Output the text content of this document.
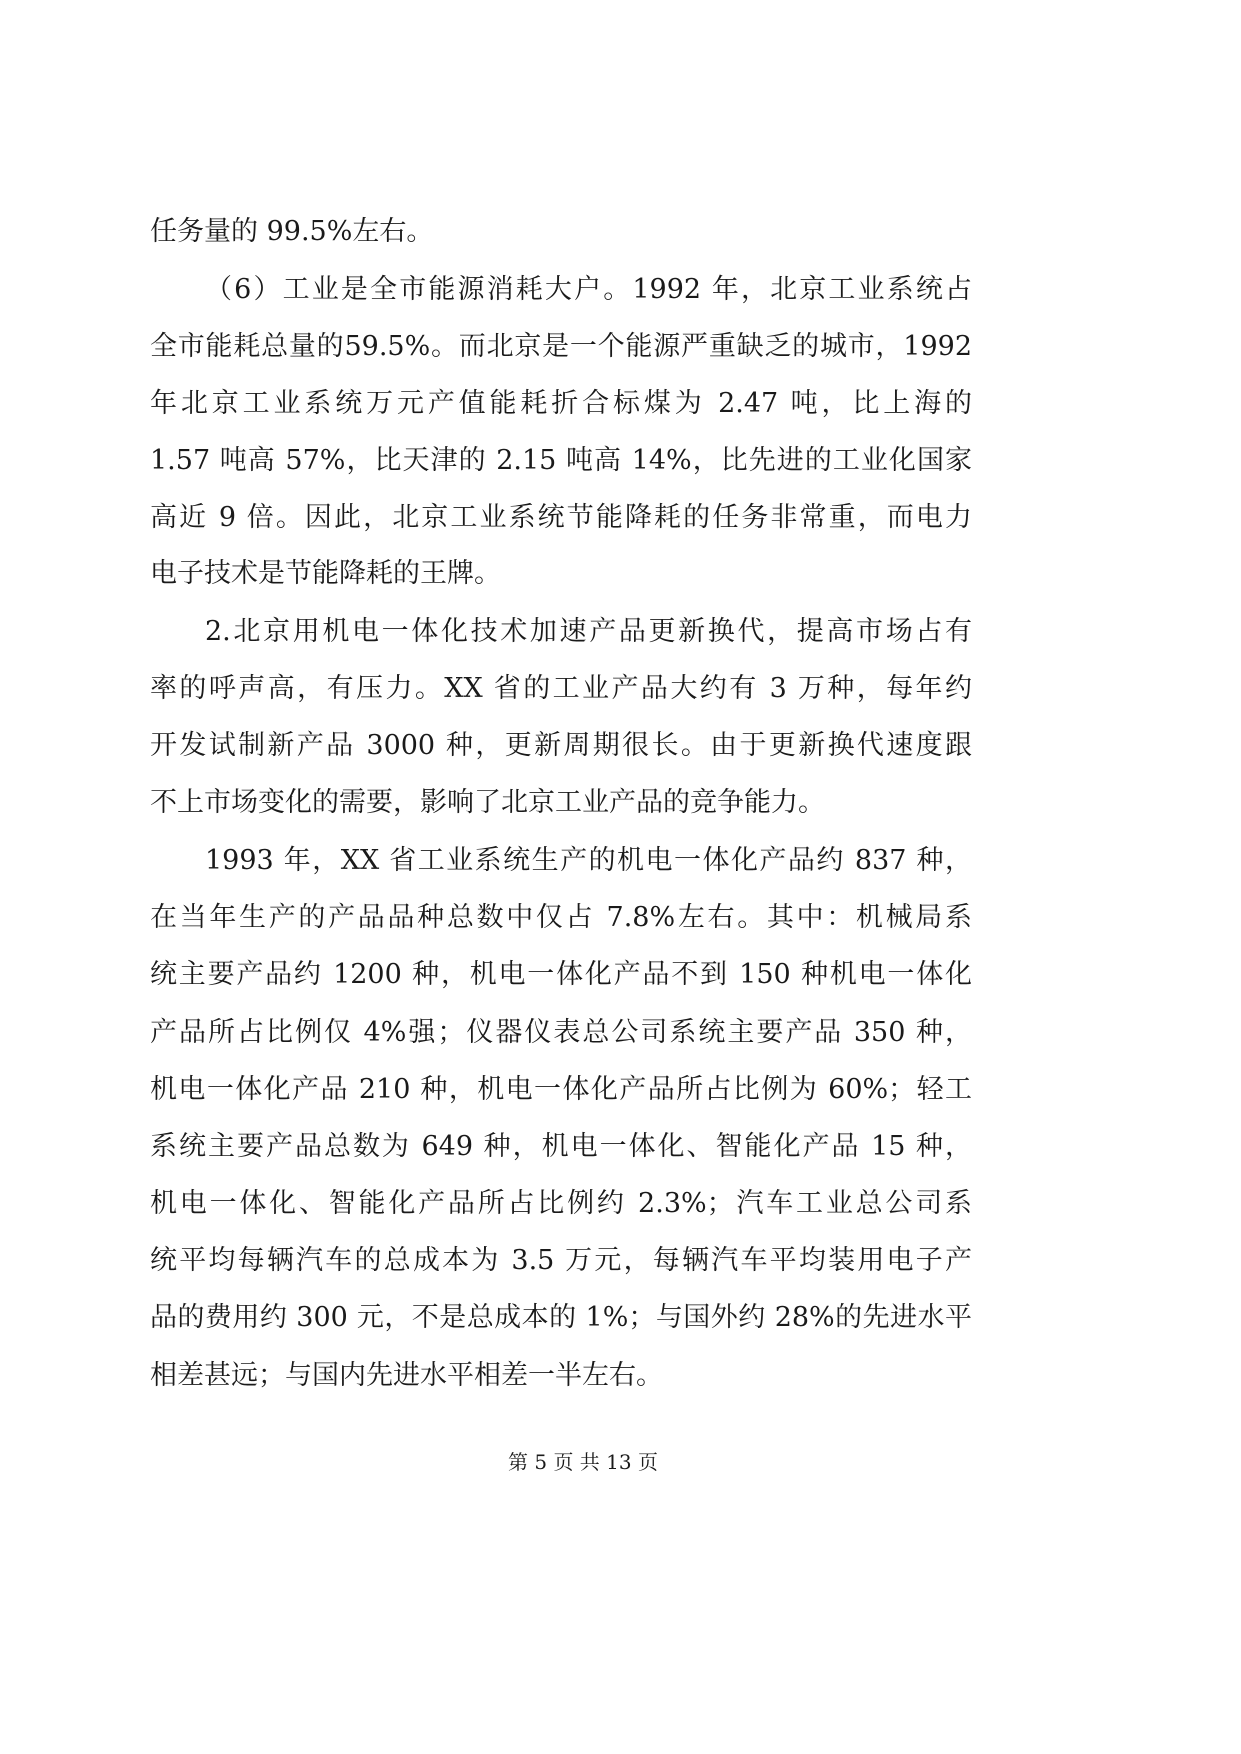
任务量的 99.5%左右。
（6）工业是全市能源消耗大户。1992 年，北京工业系统占
全市能耗总量的59.5%。而北京是一个能源严重缺乏的城市，1992
年北京工业系统万元产值能耗折合标煤为 2.47 吨，比上海的
1.57 吨高 57%，比天津的 2.15 吨高 14%，比先进的工业化国家
高近 9 倍。因此，北京工业系统节能降耗的任务非常重，而电力
电子技术是节能降耗的王牌。
2.北京用机电一体化技术加速产品更新换代，提高市场占有
率的呼声高，有压力。XX 省的工业产品大约有 3 万种，每年约
开发试制新产品 3000 种，更新周期很长。由于更新换代速度跟
不上市场变化的需要，影响了北京工业产品的竞争能力。
1993 年，XX 省工业系统生产的机电一体化产品约 837 种，
在当年生产的产品品种总数中仅占 7.8%左右。其中：机械局系
统主要产品约 1200 种，机电一体化产品不到 150 种机电一体化
产品所占比例仅 4%强；仪器仪表总公司系统主要产品 350 种，
机电一体化产品 210 种，机电一体化产品所占比例为 60%；轻工
系统主要产品总数为 649 种，机电一体化、智能化产品 15 种，
机电一体化、智能化产品所占比例约 2.3%；汽车工业总公司系
统平均每辆汽车的总成本为 3.5 万元，每辆汽车平均装用电子产
品的费用约 300 元，不是总成本的 1%；与国外约 28%的先进水平
相差甚远；与国内先进水平相差一半左右。
第 5 页 共 13 页
